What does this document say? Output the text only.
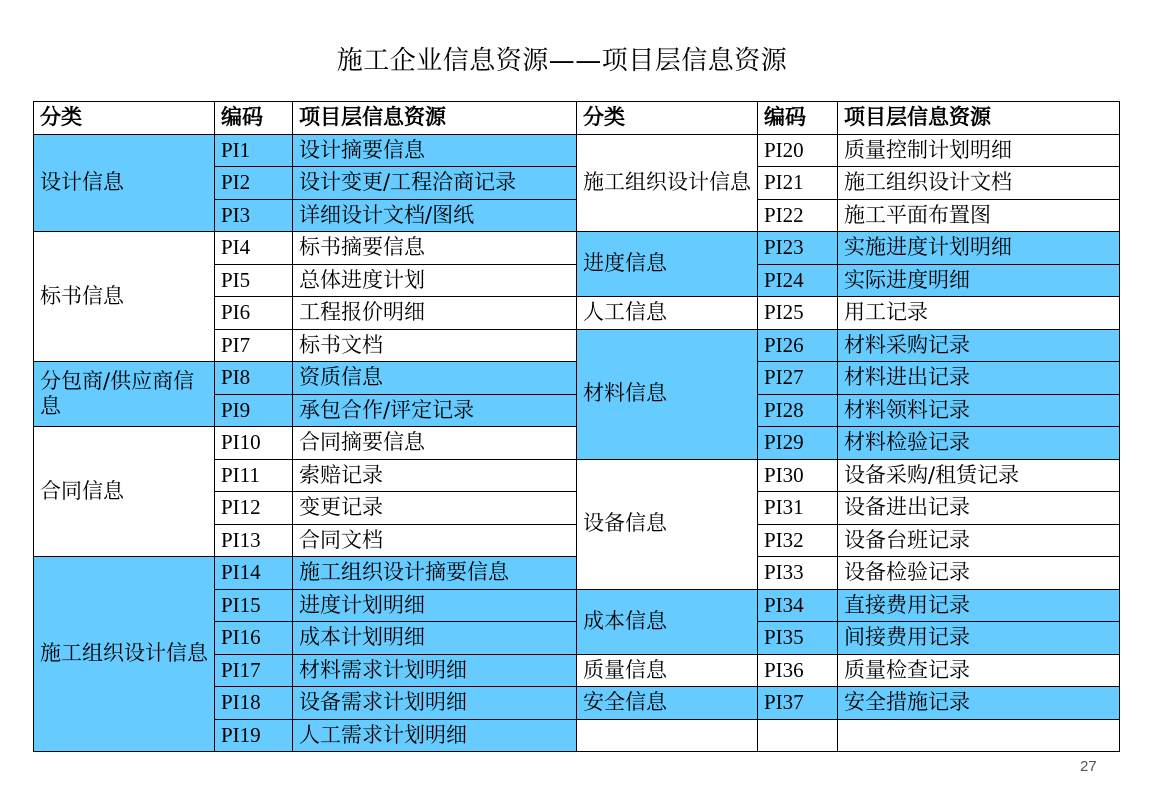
施工企业信息资源——项目层信息资源
分类	编码	项目层信息资源	分类	编码	项目层信息资源
设计信息	PI1	设计摘要信息	施工组织设计信息	PI20	质量控制计划明细
	PI2	设计变更/工程洽商记录		PI21	施工组织设计文档
	PI3	详细设计文档/图纸		PI22	施工平面布置图
标书信息	PI4	标书摘要信息	进度信息	PI23	实施进度计划明细
	PI5	总体进度计划		PI24	实际进度明细
	PI6	工程报价明细	人工信息	PI25	用工记录
	PI7	标书文档	材料信息	PI26	材料采购记录
分包商/供应商信息	PI8	资质信息		PI27	材料进出记录
	PI9	承包合作/评定记录		PI28	材料领料记录
合同信息	PI10	合同摘要信息		PI29	材料检验记录
	PI11	索赔记录	设备信息	PI30	设备采购/租赁记录
	PI12	变更记录		PI31	设备进出记录
	PI13	合同文档		PI32	设备台班记录
施工组织设计信息	PI14	施工组织设计摘要信息		PI33	设备检验记录
	PI15	进度计划明细	成本信息	PI34	直接费用记录
	PI16	成本计划明细		PI35	间接费用记录
	PI17	材料需求计划明细	质量信息	PI36	质量检查记录
	PI18	设备需求计划明细	安全信息	PI37	安全措施记录
	PI19	人工需求计划明细			
27
